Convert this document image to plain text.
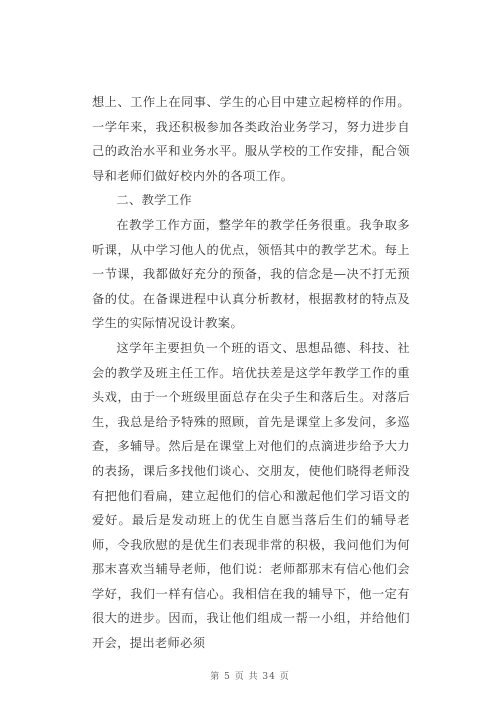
想上、工作上在同事、学生的心目中建立起榜样的作用。一学年来，我还积极参加各类政治业务学习，努力进步自己的政治水平和业务水平。服从学校的工作安排，配合领导和老师们做好校内外的各项工作。

二、教学工作

在教学工作方面，整学年的教学任务很重。我争取多听课，从中学习他人的优点，领悟其中的教学艺术。每上一节课，我都做好充分的预备，我的信念是—决不打无预备的仗。在备课进程中认真分析教材，根据教材的特点及学生的实际情况设计教案。

这学年主要担负一个班的语文、思想品德、科技、社会的教学及班主任工作。培优扶差是这学年教学工作的重头戏，由于一个班级里面总存在尖子生和落后生。对落后生，我总是给予特殊的照顾，首先是课堂上多发问，多巡查，多辅导。然后是在课堂上对他们的点滴进步给予大力的表扬，课后多找他们谈心、交朋友，使他们晓得老师没有把他们看扁，建立起他们的信心和激起他们学习语文的爱好。最后是发动班上的优生自愿当落后生们的辅导老师，令我欣慰的是优生们表现非常的积极，我问他们为何那末喜欢当辅导老师，他们说：老师都那末有信心他们会学好，我们一样有信心。我相信在我的辅导下，他一定有很大的进步。因而，我让他们组成一帮一小组，并给他们开会，提出老师必须

第 5 页 共 34 页
